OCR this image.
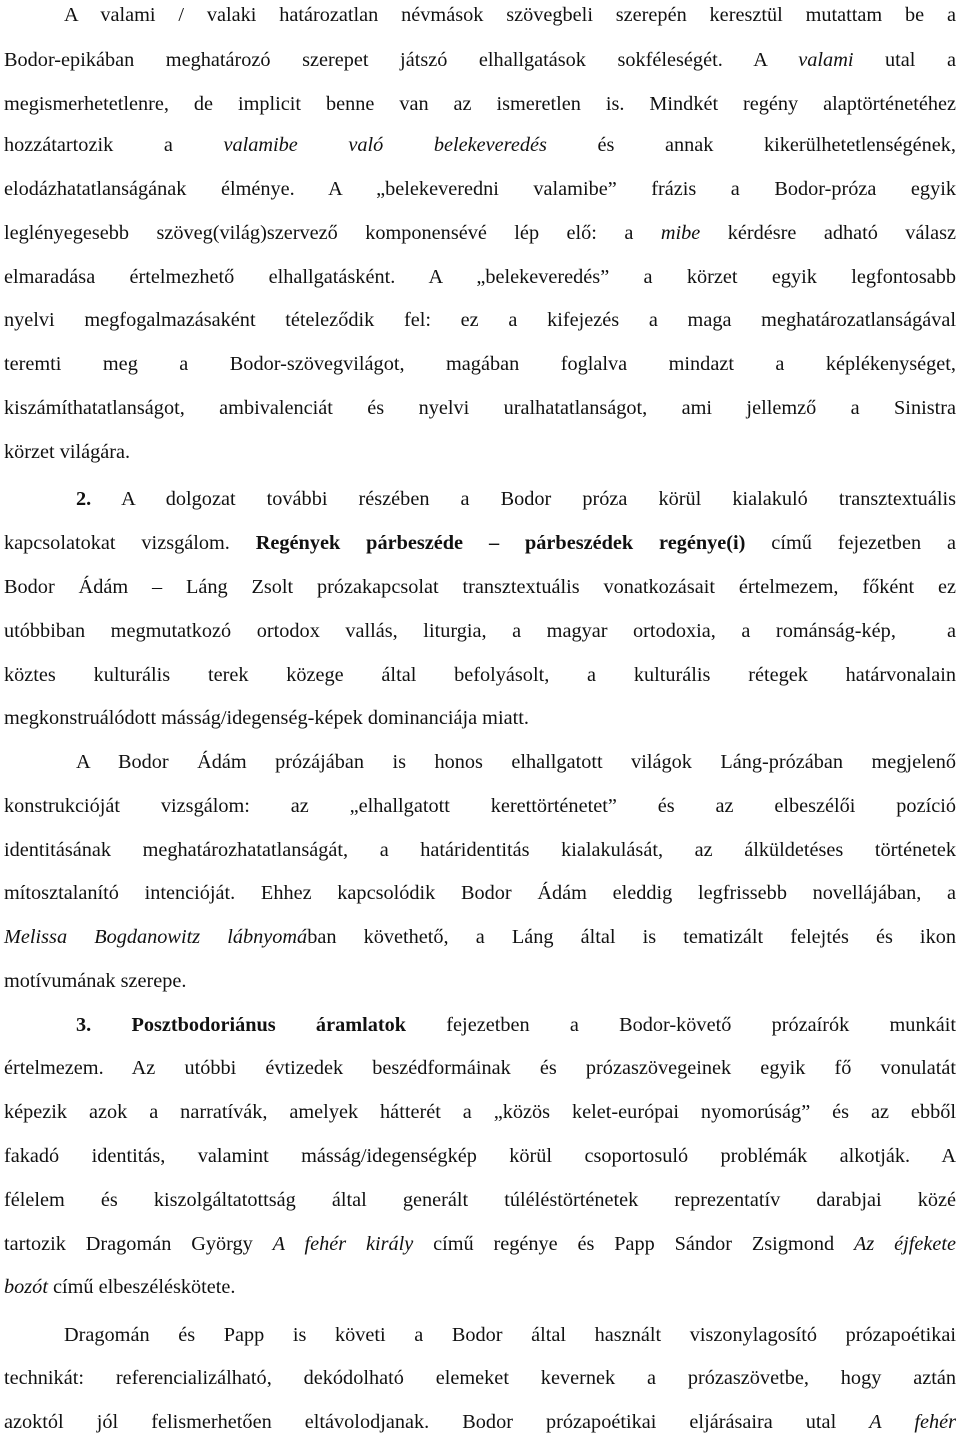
A valami / valaki határozatlan névmások szövegbeli szerepén keresztül mutattam be a
Bodor-epikában meghatározó szerepet játszó elhallgatások sokféleségét. A valami utal a
megismerhetetlenre, de implicit benne van az ismeretlen is. Mindkét regény alaptörténetéhez
hozzátartozik a valamibe való belekeveredés és annak kikerülhetetlenségének,
elodázhatatlanságának élménye. A „belekeveredni valamibe” frázis a Bodor-próza egyik
leglényegesebb szöveg(világ)szervező komponensévé lép elő: a mibe kérdésre adható válasz
elmaradása értelmezhető elhallgatásként. A „belekeveredés” a körzet egyik legfontosabb
nyelvi megfogalmazásaként tételeződik fel: ez a kifejezés a maga meghatározatlanságával
teremti meg a Bodor-szövegvilágot, magában foglalva mindazt a képlékenységet,
kiszámíthatatlanságot, ambivalenciát és nyelvi uralhatatlanságot, ami jellemző a Sinistra
körzet világára.
2. A dolgozat további részében a Bodor próza körül kialakuló transztextuális
kapcsolatokat vizsgálom. Regények párbeszéde – párbeszédek regénye(i) című fejezetben a
Bodor Ádám – Láng Zsolt prózakapcsolat transztextuális vonatkozásait értelmezem, főként ez
utóbbiban megmutatkozó ortodox vallás, liturgia, a magyar ortodoxia, a románság-kép,  a
köztes kulturális terek közege által befolyásolt, a kulturális rétegek határvonalain
megkonstruálódott másság/idegenség-képek dominanciája miatt.
A Bodor Ádám prózájában is honos elhallgatott világok Láng-prózában megjelenő
konstrukcióját vizsgálom: az „elhallgatott kerettörténetet” és az elbeszélői pozíció
identitásának meghatározhatatlanságát, a határidentitás kialakulását, az álküldetéses történetek
mítosztalanító intencióját. Ehhez kapcsolódik Bodor Ádám eleddig legfrissebb novellájában, a
Melissa Bogdanowitz lábnyomában követhető, a Láng által is tematizált felejtés és ikon
motívumának szerepe.
3. Posztbodoriánus áramlatok fejezetben a Bodor-követő prózaírók munkáit
értelmezem. Az utóbbi évtizedek beszédformáinak és prózaszövegeinek egyik fő vonulatát
képezik azok a narratívák, amelyek hátterét a „közös kelet-európai nyomorúság” és az ebből
fakadó identitás, valamint másság/idegenségkép körül csoportosuló problémák alkotják. A
félelem és kiszolgáltatottság által generált túléléstörténetek reprezentatív darabjai közé
tartozik Dragomán György A fehér király című regénye és Papp Sándor Zsigmond Az éjfekete
bozót című elbeszéléskötete.
Dragomán és Papp is követi a Bodor által használt viszonylagosító prózapoétikai
technikát: referencializálható, dekódolható elemeket kevernek a prózaszövetbe, hogy aztán
azoktól jól felismerhetően eltávolodjanak. Bodor prózapoétikai eljárásaira utal A fehér
